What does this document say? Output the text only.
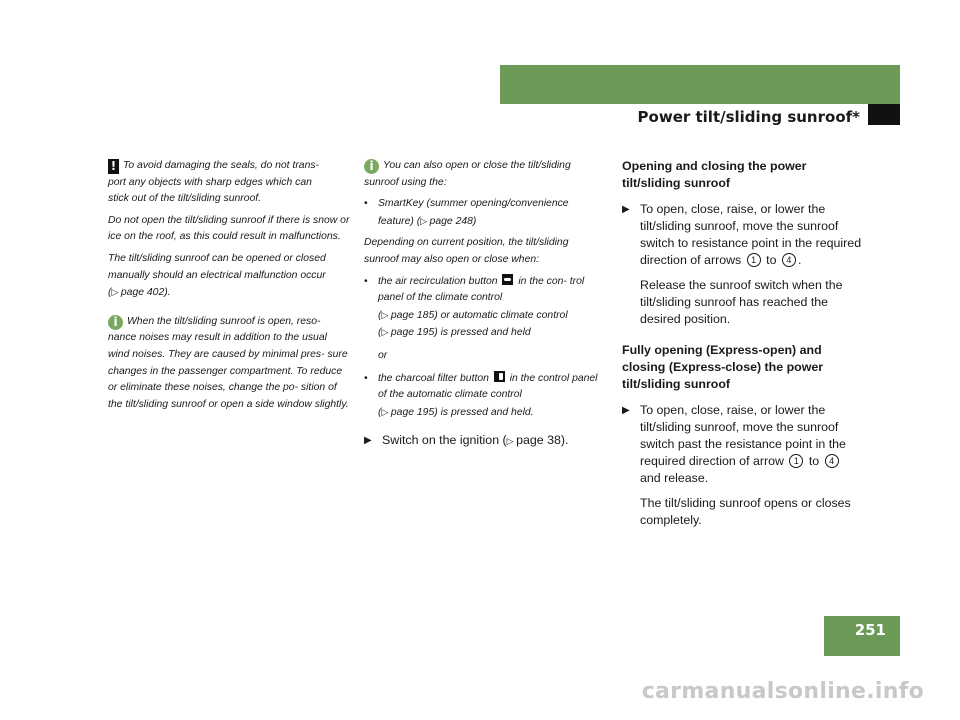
Controls in detail
Power tilt/sliding sunroof*

! To avoid damaging the seals, do not trans-
port any objects with sharp edges which can
stick out of the tilt/sliding sunroof.

Do not open the tilt/sliding sunroof if there is snow or ice on the roof, as this could result in malfunctions.

The tilt/sliding sunroof can be opened or closed manually should an electrical malfunction occur
( ▷ page 402).

i When the tilt/sliding sunroof is open, reso- nance noises may result in addition to the usual wind noises. They are caused by minimal pres- sure changes in the passenger compartment. To reduce or eliminate these noises, change the po- sition of the tilt/sliding sunroof or open a side window slightly.

i You can also open or close the tilt/sliding
sunroof using the:

• SmartKey (summer opening/convenience feature) ( ▷ page 248)

Depending on current position, the tilt/sliding sunroof may also open or close when:

• the air recirculation button in the con- trol panel of the climate control
( ▷ page 185) or automatic climate control
( ▷ page 195) is pressed and held
or
• the charcoal filter button in the control panel of the automatic climate control
( ▷ page 195) is pressed and held.
▶ Switch on the ignition ( ▷ page 38).
Opening and closing the power tilt/sliding sunroof
▶ To open, close, raise, or lower the tilt/sliding sunroof, move the sunroof switch to resistance point in the required direction of arrows 1 to 4 .
Release the sunroof switch when the tilt/sliding sunroof has reached the desired position.
Fully opening (Express-open) and closing (Express-close) the power tilt/sliding sunroof
▶ To open, close, raise, or lower the tilt/sliding sunroof, move the sunroof switch past the resistance point in the required direction of arrow 1 to 4
and release.
The tilt/sliding sunroof opens or closes completely.
251
carmanualsonline.info
